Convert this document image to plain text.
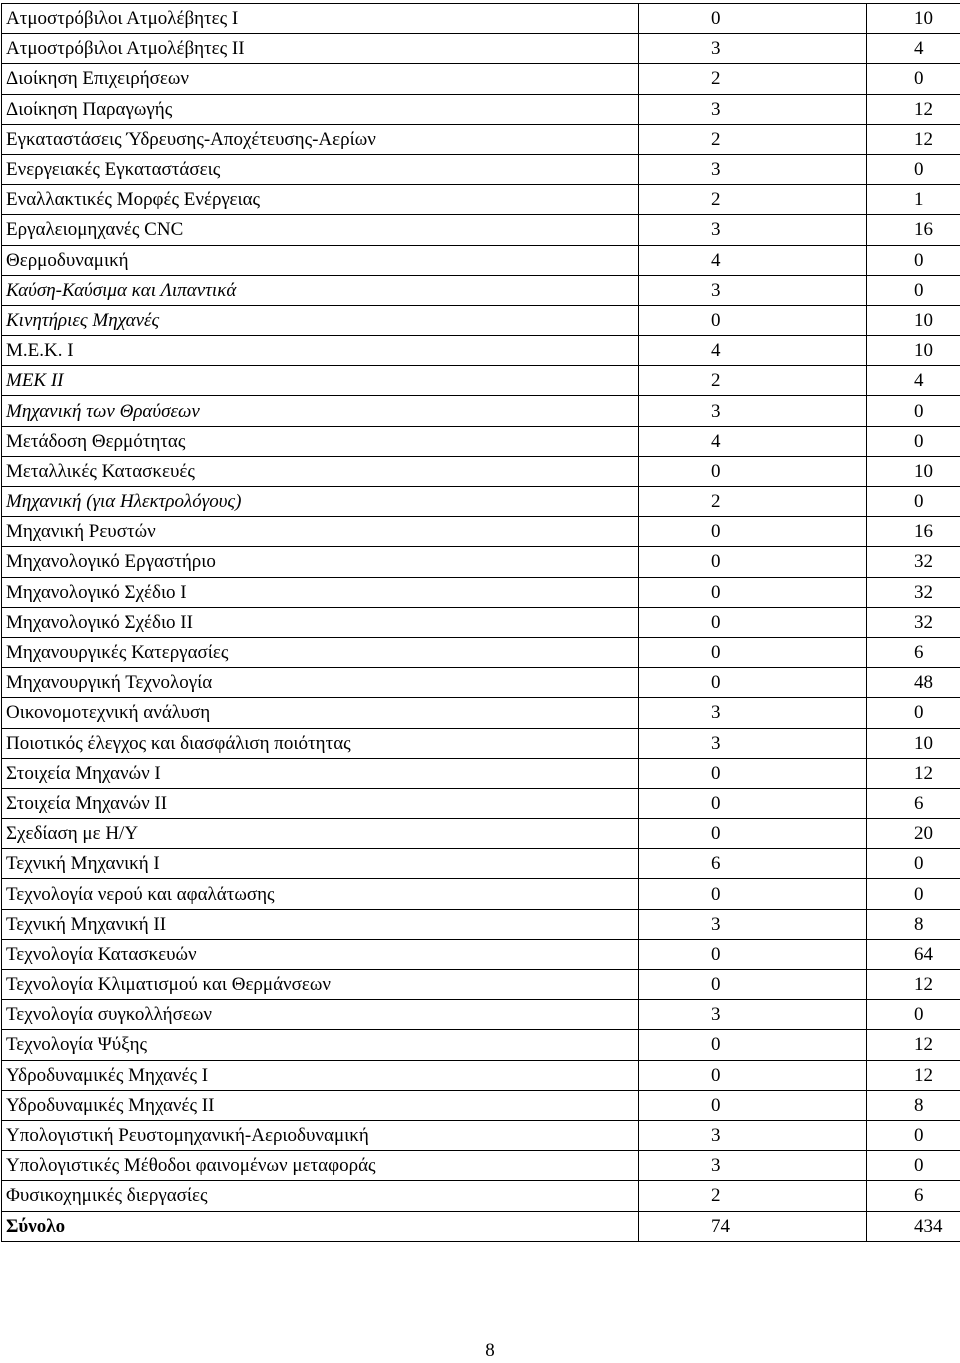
Ατμοστρόβιλοι Ατμολέβητες Ι	0	10
Ατμοστρόβιλοι Ατμολέβητες ΙΙ	3	4
Διοίκηση Επιχειρήσεων	2	0
Διοίκηση Παραγωγής	3	12
Εγκαταστάσεις Ύδρευσης-Αποχέτευσης-Αερίων	2	12
Ενεργειακές Εγκαταστάσεις	3	0
Εναλλακτικές Μορφές Ενέργειας	2	1
Εργαλειομηχανές CNC	3	16
Θερμοδυναμική	4	0
Καύση-Καύσιμα και Λιπαντικά	3	0
Κινητήριες Μηχανές	0	10
Μ.Ε.Κ. Ι	4	10
ΜΕΚ ΙΙ	2	4
Μηχανική των Θραύσεων	3	0
Μετάδοση Θερμότητας	4	0
Μεταλλικές Κατασκευές	0	10
Μηχανική (για Ηλεκτρολόγους)	2	0
Μηχανική Ρευστών	0	16
Μηχανολογικό Εργαστήριο	0	32
Μηχανολογικό Σχέδιο Ι	0	32
Μηχανολογικό Σχέδιο ΙΙ	0	32
Μηχανουργικές Κατεργασίες	0	6
Μηχανουργική Τεχνολογία	0	48
Οικονομοτεχνική ανάλυση	3	0
Ποιοτικός έλεγχος και διασφάλιση ποιότητας	3	10
Στοιχεία Μηχανών Ι	0	12
Στοιχεία Μηχανών ΙΙ	0	6
Σχεδίαση με Η/Υ	0	20
Τεχνική Μηχανική Ι	6	0
Τεχνολογία νερού και αφαλάτωσης	0	0
Τεχνική Μηχανική ΙΙ	3	8
Τεχνολογία Κατασκευών	0	64
Τεχνολογία Κλιματισμού και Θερμάνσεων	0	12
Τεχνολογία συγκολλήσεων	3	0
Τεχνολογία Ψύξης	0	12
Υδροδυναμικές Μηχανές Ι	0	12
Υδροδυναμικές Μηχανές ΙΙ	0	8
Υπολογιστική Ρευστομηχανική-Αεριοδυναμική	3	0
Υπολογιστικές Μέθοδοι φαινομένων μεταφοράς	3	0
Φυσικοχημικές διεργασίες	2	6
Σύνολο	74	434
8
